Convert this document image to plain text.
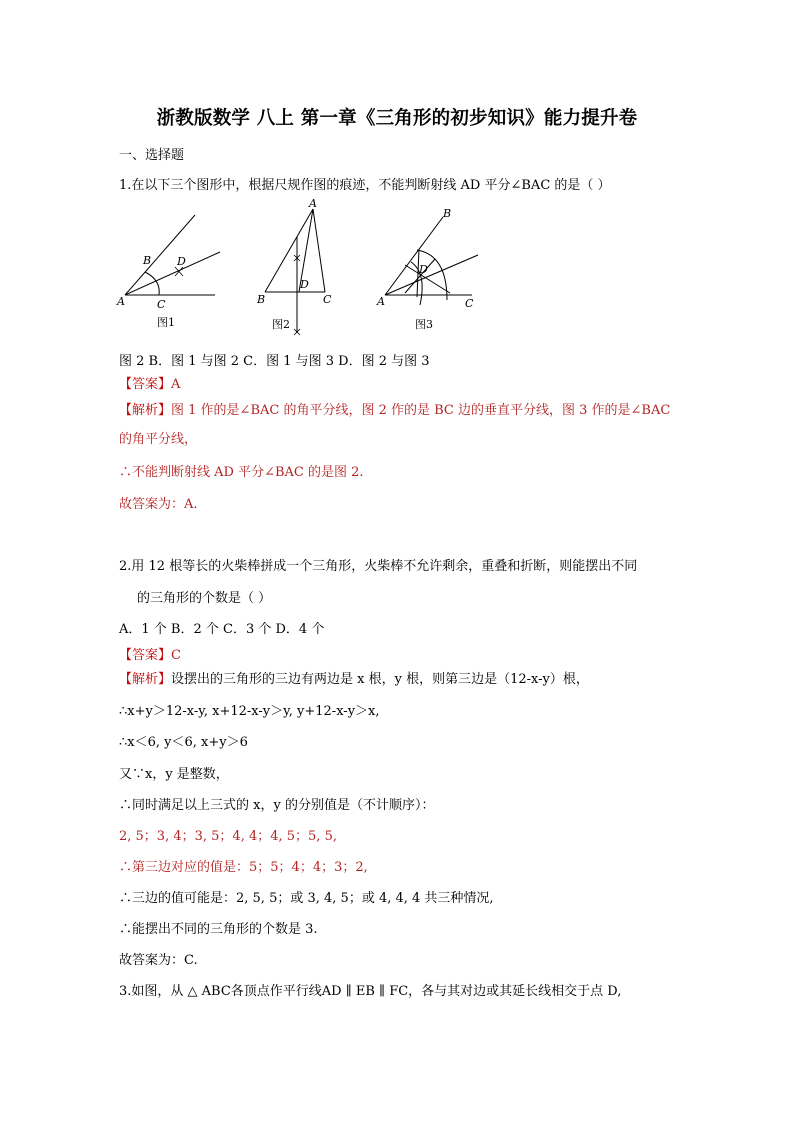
浙教版数学 八上 第一章《三角形的初步知识》能力提升卷
一、选择题
1.在以下三个图形中，根据尺规作图的痕迹，不能判断射线 AD 平分∠BAC 的是（ ）
A
B
C
D
图1
A
B	C
D
图2
A
B
C
D
图3
图 2 B．图 1 与图 2 C．图 1 与图 3 D．图 2 与图 3
【答案】A
【解析】图 1 作的是∠BAC 的角平分线，图 2 作的是 BC 边的垂直平分线，图 3 作的是∠BAC
的角平分线，
∴不能判断射线 AD 平分∠BAC 的是图 2.
故答案为：A.
2.用 12 根等长的火柴棒拼成一个三角形，火柴棒不允许剩余，重叠和折断，则能摆出不同
的三角形的个数是（ ）
A．1 个 B．2 个 C．3 个 D．4 个
【答案】C
【解析】设摆出的三角形的三边有两边是 x 根，y 根，则第三边是（12-x-y）根，
∴x+y＞12-x-y, x+12-x-y＞y, y+12-x-y＞x,
∴x＜6, y＜6, x+y＞6
又∵x，y 是整数，
∴同时满足以上三式的 x，y 的分别值是（不计顺序）：
2, 5；3, 4；3, 5；4, 4；4, 5；5, 5,
∴第三边对应的值是：5；5；4；4；3；2,
∴三边的值可能是：2, 5, 5；或 3, 4, 5；或 4, 4, 4 共三种情况,
∴能摆出不同的三角形的个数是 3.
故答案为：C.
3.如图，从 △ ABC各顶点作平行线AD ∥ EB ∥ FC，各与其对边或其延长线相交于点 D,
